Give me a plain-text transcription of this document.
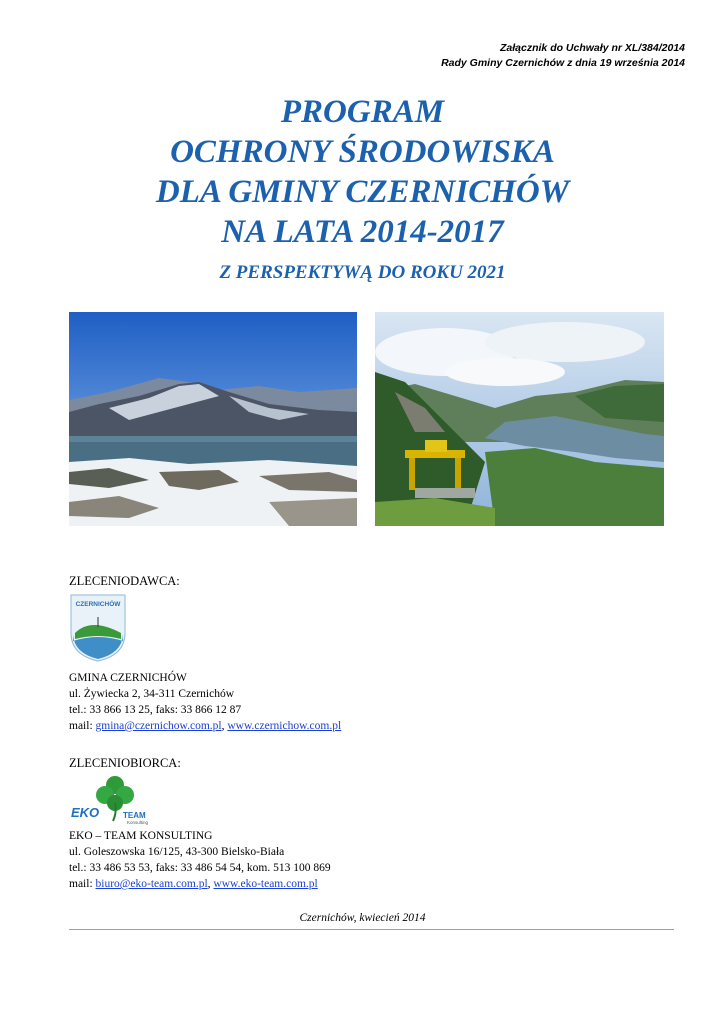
Załącznik do Uchwały nr XL/384/2014
Rady Gminy Czernichów z dnia 19 września 2014
PROGRAM
OCHRONY ŚRODOWISKA
DLA GMINY CZERNICHÓW
NA LATA 2014-2017
Z PERSPEKTYWĄ DO ROKU 2021
ZLECENIODAWCA:
CZERNICHÓW
GMINA CZERNICHÓW
ul. Żywiecka 2, 34-311 Czernichów
tel.: 33 866 13 25, faks: 33 866 12 87
mail: gmina@czernichow.com.pl, www.czernichow.com.pl
ZLECENIOBIORCA:
EKO	TEAM
Konsulting
EKO – TEAM KONSULTING
ul. Goleszowska 16/125, 43-300 Bielsko-Biała
tel.: 33 486 53 53, faks: 33 486 54 54, kom. 513 100 869
mail: biuro@eko-team.com.pl, www.eko-team.com.pl
Czernichów, kwiecień 2014
